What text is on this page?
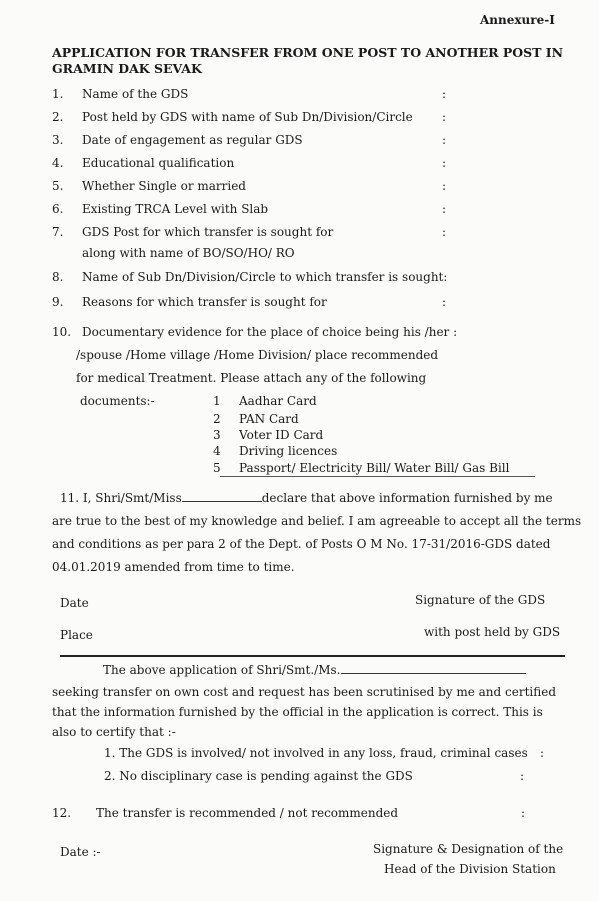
Annexure-I
APPLICATION FOR TRANSFER FROM ONE POST TO ANOTHER POST IN
GRAMIN DAK SEVAK
1. Name of the GDS	:
2. Post held by GDS with name of Sub Dn/Division/Circle :
3. Date of engagement as regular GDS	:
4. Educational qualification	:
5. Whether Single or married	:
6. Existing TRCA Level with Slab	:
7. GDS Post for which transfer is sought for	:
along with name of BO/SO/HO/ RO
8. Name of Sub Dn/Division/Circle to which transfer is sought:
9. Reasons for which transfer is sought for	:
10. Documentary evidence for the place of choice being his /her :
/spouse /Home village /Home Division/ place recommended
for medical Treatment. Please attach any of the following
documents:-	1 Aadhar Card
2 PAN Card
3 Voter ID Card
4 Driving licences
5 Passport/ Electricity Bill/ Water Bill/ Gas Bill
11. I, Shri/Smt/Miss	declare that above information furnished by me
are true to the best of my knowledge and belief. I am agreeable to accept all the terms
and conditions as per para 2 of the Dept. of Posts O M No. 17-31/2016-GDS dated
04.01.2019 amended from time to time.
Date	Signature of the GDS
Place	with post held by GDS
The above application of Shri/Smt./Ms.
seeking transfer on own cost and request has been scrutinised by me and certified
that the information furnished by the official in the application is correct. This is
also to certify that :-
1. The GDS is involved/ not involved in any loss, fraud, criminal cases :
2. No disciplinary case is pending against the GDS	:
12. The transfer is recommended / not recommended	:
Date :-	Signature & Designation of the
Head of the Division Station
